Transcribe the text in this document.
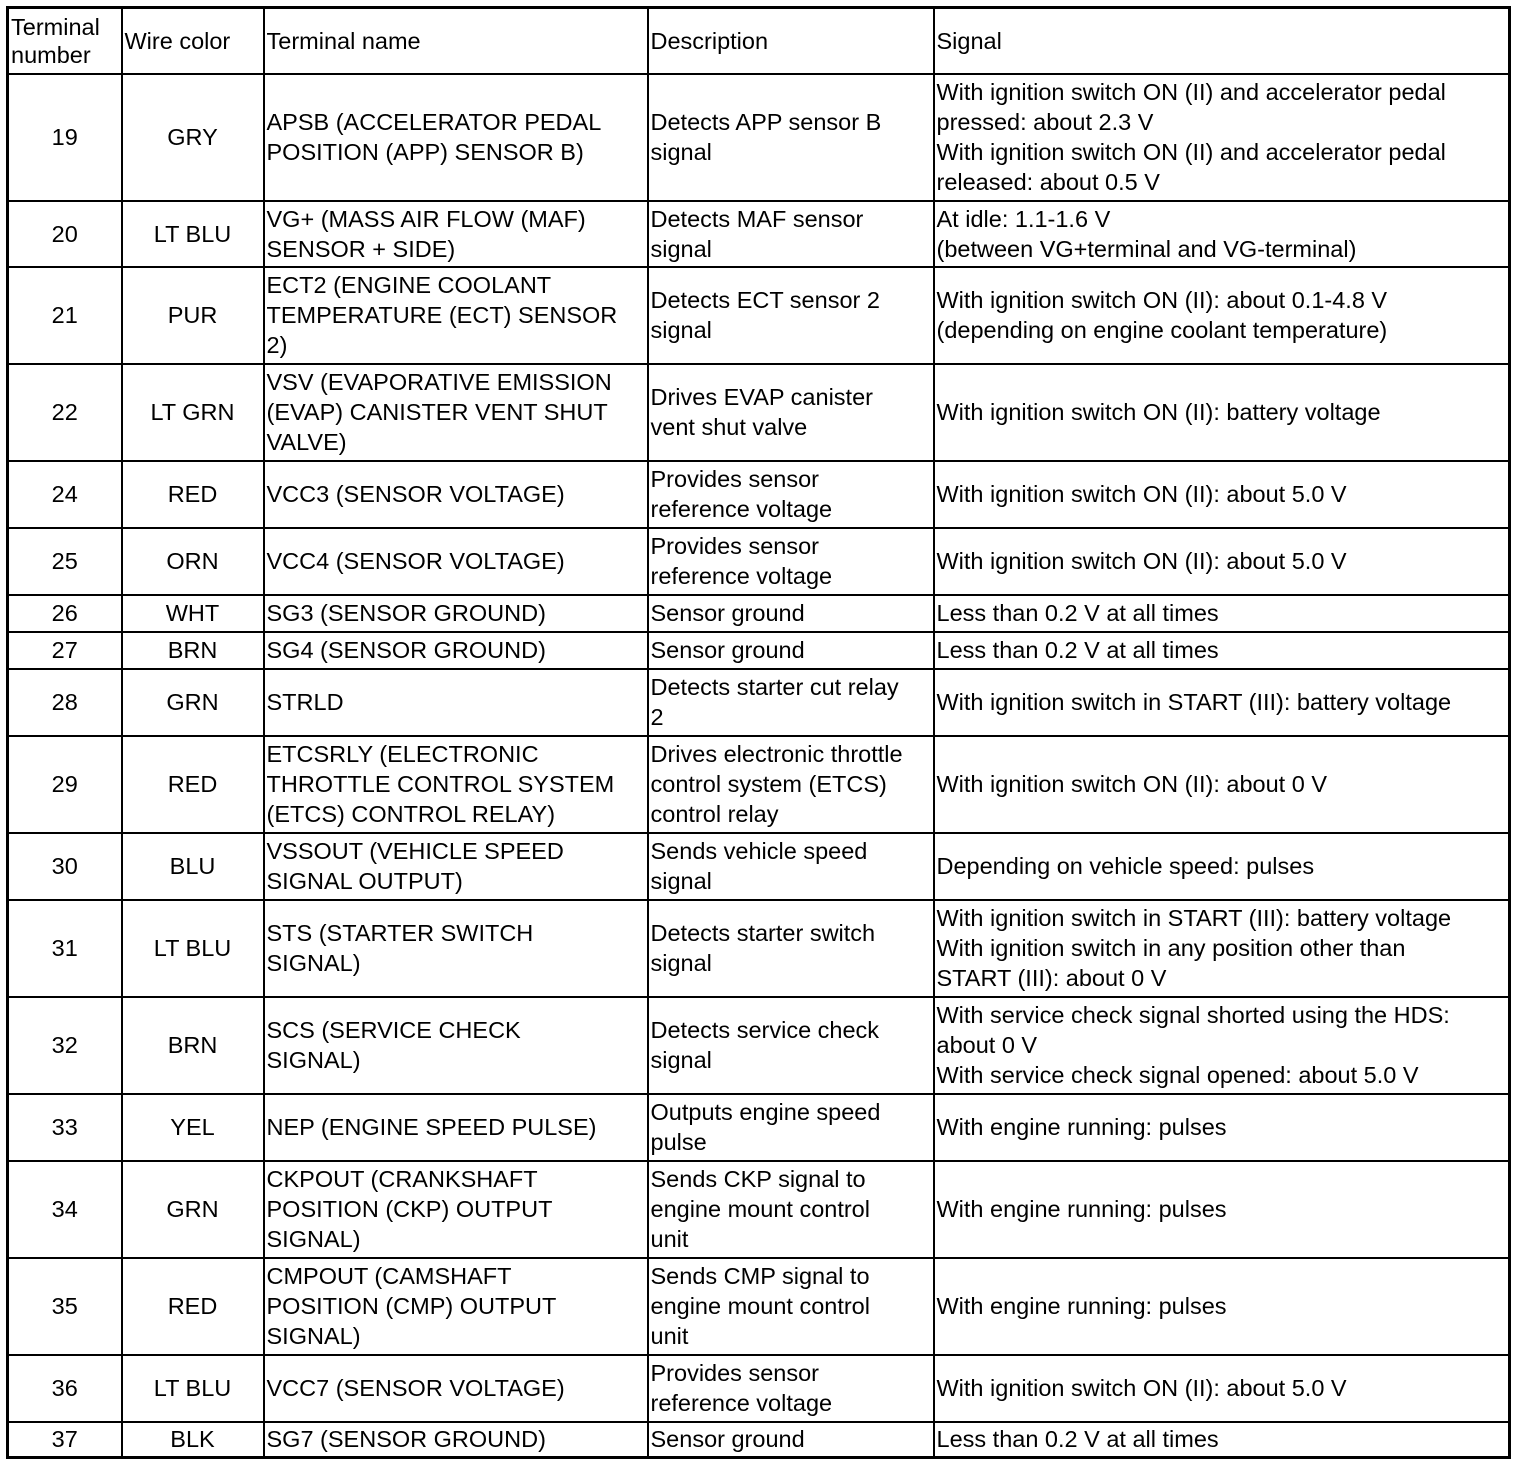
Terminal number	Wire color	Terminal name	Description	Signal
19	GRY	APSB (ACCELERATOR PEDAL
POSITION (APP) SENSOR B)	Detects APP sensor B
signal	With ignition switch ON (II) and accelerator pedal
pressed: about 2.3 V
With ignition switch ON (II) and accelerator pedal
released: about 0.5 V

20	LT BLU	VG+ (MASS AIR FLOW (MAF)
SENSOR + SIDE)	Detects MAF sensor
signal	At idle: 1.1-1.6 V
(between VG+terminal and VG-terminal)

21	PUR	ECT2 (ENGINE COOLANT
TEMPERATURE (ECT) SENSOR
2)	Detects ECT sensor 2
signal	With ignition switch ON (II): about 0.1-4.8 V
(depending on engine coolant temperature)

22	LT GRN	VSV (EVAPORATIVE EMISSION
(EVAP) CANISTER VENT SHUT
VALVE)	Drives EVAP canister
vent shut valve	With ignition switch ON (II): battery voltage

24	RED	VCC3 (SENSOR VOLTAGE)	Provides sensor
reference voltage	With ignition switch ON (II): about 5.0 V

25	ORN	VCC4 (SENSOR VOLTAGE)	Provides sensor
reference voltage	With ignition switch ON (II): about 5.0 V

26	WHT	SG3 (SENSOR GROUND)	Sensor ground	Less than 0.2 V at all times

27	BRN	SG4 (SENSOR GROUND)	Sensor ground	Less than 0.2 V at all times

28	GRN	STRLD	Detects starter cut relay
2	With ignition switch in START (III): battery voltage

29	RED	ETCSRLY (ELECTRONIC
THROTTLE CONTROL SYSTEM
(ETCS) CONTROL RELAY)	Drives electronic throttle
control system (ETCS)
control relay	With ignition switch ON (II): about 0 V

30	BLU	VSSOUT (VEHICLE SPEED
SIGNAL OUTPUT)	Sends vehicle speed
signal	Depending on vehicle speed: pulses

31	LT BLU	STS (STARTER SWITCH
SIGNAL)	Detects starter switch
signal	With ignition switch in START (III): battery voltage
With ignition switch in any position other than
START (III): about 0 V

32	BRN	SCS (SERVICE CHECK
SIGNAL)	Detects service check
signal	With service check signal shorted using the HDS:
about 0 V
With service check signal opened: about 5.0 V

33	YEL	NEP (ENGINE SPEED PULSE)	Outputs engine speed
pulse	With engine running: pulses

34	GRN	CKPOUT (CRANKSHAFT
POSITION (CKP) OUTPUT
SIGNAL)	Sends CKP signal to
engine mount control
unit	With engine running: pulses

35	RED	CMPOUT (CAMSHAFT
POSITION (CMP) OUTPUT
SIGNAL)	Sends CMP signal to
engine mount control
unit	With engine running: pulses

36	LT BLU	VCC7 (SENSOR VOLTAGE)	Provides sensor
reference voltage	With ignition switch ON (II): about 5.0 V

37	BLK	SG7 (SENSOR GROUND)	Sensor ground	Less than 0.2 V at all times
